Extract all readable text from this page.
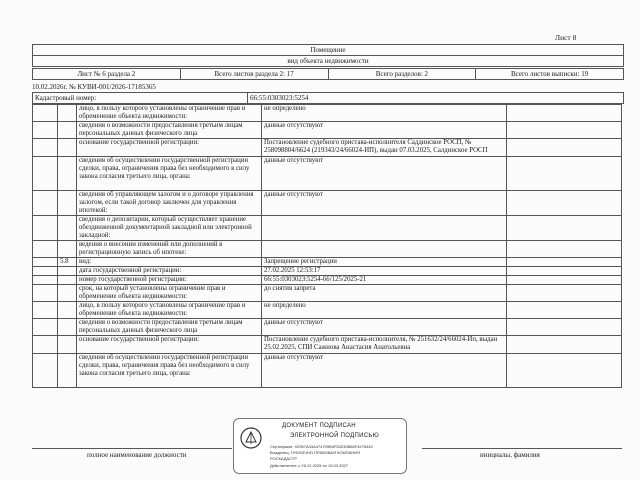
Лист 8
Помещение
вид объекта недвижимости
Лист № 6 раздела 2	Всего листов раздела 2: 17	Всего разделов: 2	Всего листов выписки: 19
10.02.2026г. № КУВИ-001/2026-17185365
Кадастровый номер:	66:55:0303023:5254
		лицо, в пользу которого установлены ограничение прав и обременение объекта недвижимости:	не определено	
		сведения о возможности предоставления третьим лицам персональных данных физического лица	данные отсутствуют	
		основание государственной регистрации:	Постановление судебного пристава-исполнителя Саддинское РОСП, № 258098804/6624 (219343/24/66024-ИП), выдан 07.03.2025, Салдинское РОСП	
		сведения об осуществлении государственной регистрации сделки, права, ограничения права без необходимого в силу закона согласия третьего лица, органа:	данные отсутствуют	
		сведения об управляющем залогом и о договоре управления залогом, если такой договор заключен для управления ипотекой:	данные отсутствуют	
		сведения о депозитарии, который осуществляет хранение обездвиженной документарной закладной или электронной закладной:		
		ведения о внесении изменений или дополнений в регистрационную запись об ипотеке:		
	5.8	вид:	Запрещение регистрации	
		дата государственной регистрации:	27.02.2025 12:53:17	
		номер государственной регистрации:	66:55:0303023:5254-66/125/2025-21	
		срок, на который установлены ограничение прав и обременение объекта недвижимости:	до снятия запрета	
		лицо, в пользу которого установлены ограничение прав и обременение объекта недвижимости:	не определено	
		сведения о возможности предоставления третьим лицам персональных данных физического лица	данные отсутствуют	
		основание государственной регистрации:	Постановление судебного пристава-исполнителя, № 251632/24/66024-Ип, выдан 25.02.2025, СПИ Сажнова Анастасия Анатольевна	
		сведения об осуществлении государственной регистрации сделки, права, ограничения права без необходимого в силу закона согласия третьего лица, органа:	данные отсутствуют	
полное наименование должности	инициалы, фамилия
ДОКУМЕНТ ПОДПИСАН
ЭЛЕКТРОННОЙ ПОДПИСЬЮ
Сертификат: 02957A43A474709B4F63235B86F4276445
Владелец: ПУБЛИЧНО-ПРАВОВАЯ КОМПАНИЯ
РОСКАДАСТР
Действителен: с 26.12.2025 по 19.03.2027
